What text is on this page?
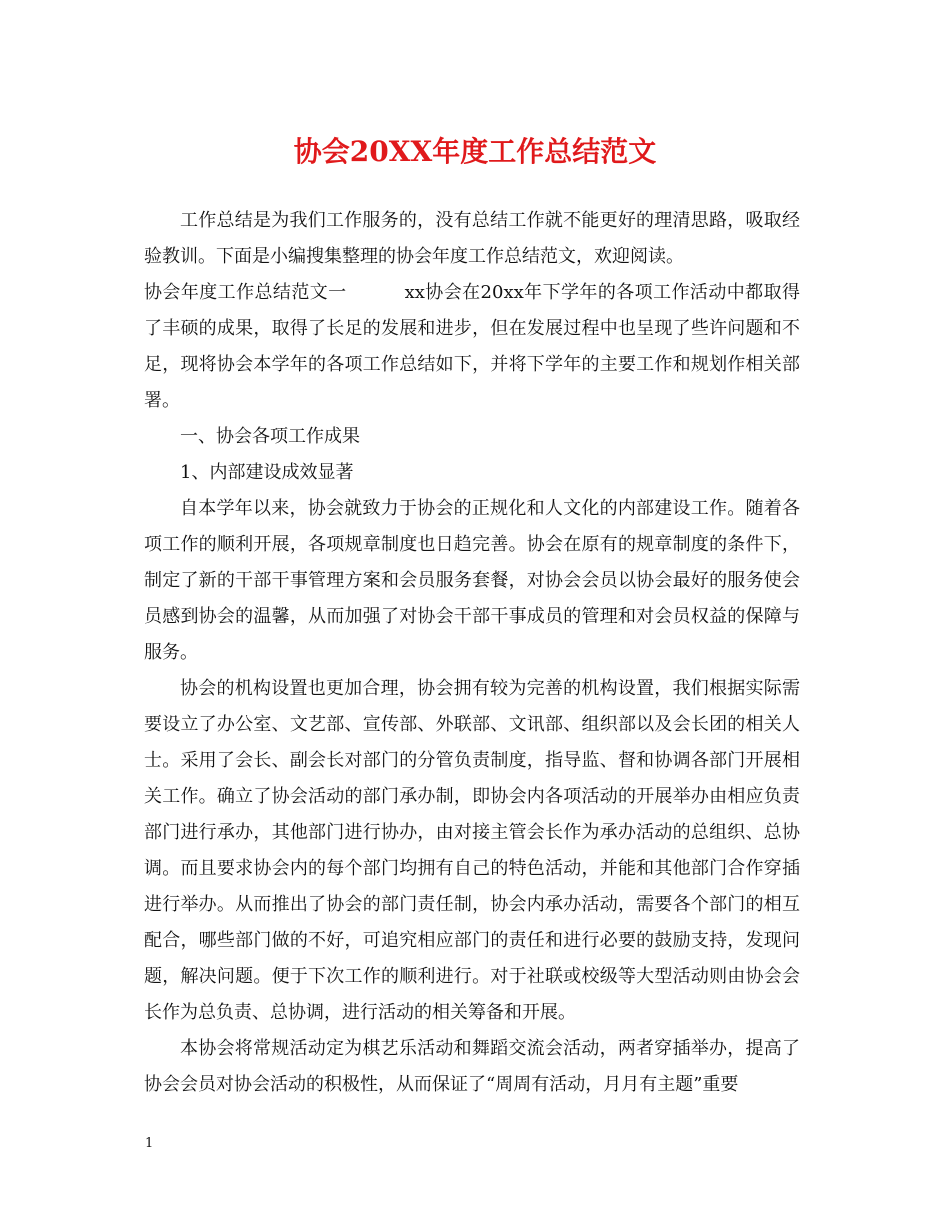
协会20XX年度工作总结范文

工作总结是为我们工作服务的，没有总结工作就不能更好的理清思路，吸取经验教训。下面是小编搜集整理的协会年度工作总结范文，欢迎阅读。

协会年度工作总结范文一	xx协会在20xx年下学年的各项工作活动中都取得了丰硕的成果，取得了长足的发展和进步，但在发展过程中也呈现了些许问题和不足，现将协会本学年的各项工作总结如下，并将下学年的主要工作和规划作相关部署。

一、协会各项工作成果

1、内部建设成效显著

自本学年以来，协会就致力于协会的正规化和人文化的内部建设工作。随着各项工作的顺利开展，各项规章制度也日趋完善。协会在原有的规章制度的条件下，制定了新的干部干事管理方案和会员服务套餐，对协会会员以协会最好的服务使会员感到协会的温馨，从而加强了对协会干部干事成员的管理和对会员权益的保障与服务。

协会的机构设置也更加合理，协会拥有较为完善的机构设置，我们根据实际需要设立了办公室、文艺部、宣传部、外联部、文讯部、组织部以及会长团的相关人士。采用了会长、副会长对部门的分管负责制度，指导监、督和协调各部门开展相关工作。确立了协会活动的部门承办制，即协会内各项活动的开展举办由相应负责部门进行承办，其他部门进行协办，由对接主管会长作为承办活动的总组织、总协调。而且要求协会内的每个部门均拥有自己的特色活动，并能和其他部门合作穿插进行举办。从而推出了协会的部门责任制，协会内承办活动，需要各个部门的相互配合，哪些部门做的不好，可追究相应部门的责任和进行必要的鼓励支持，发现问题，解决问题。便于下次工作的顺利进行。对于社联或校级等大型活动则由协会会长作为总负责、总协调，进行活动的相关筹备和开展。

本协会将常规活动定为棋艺乐活动和舞蹈交流会活动，两者穿插举办，提高了协会会员对协会活动的积极性，从而保证了“周周有活动，月月有主题”重要

1
